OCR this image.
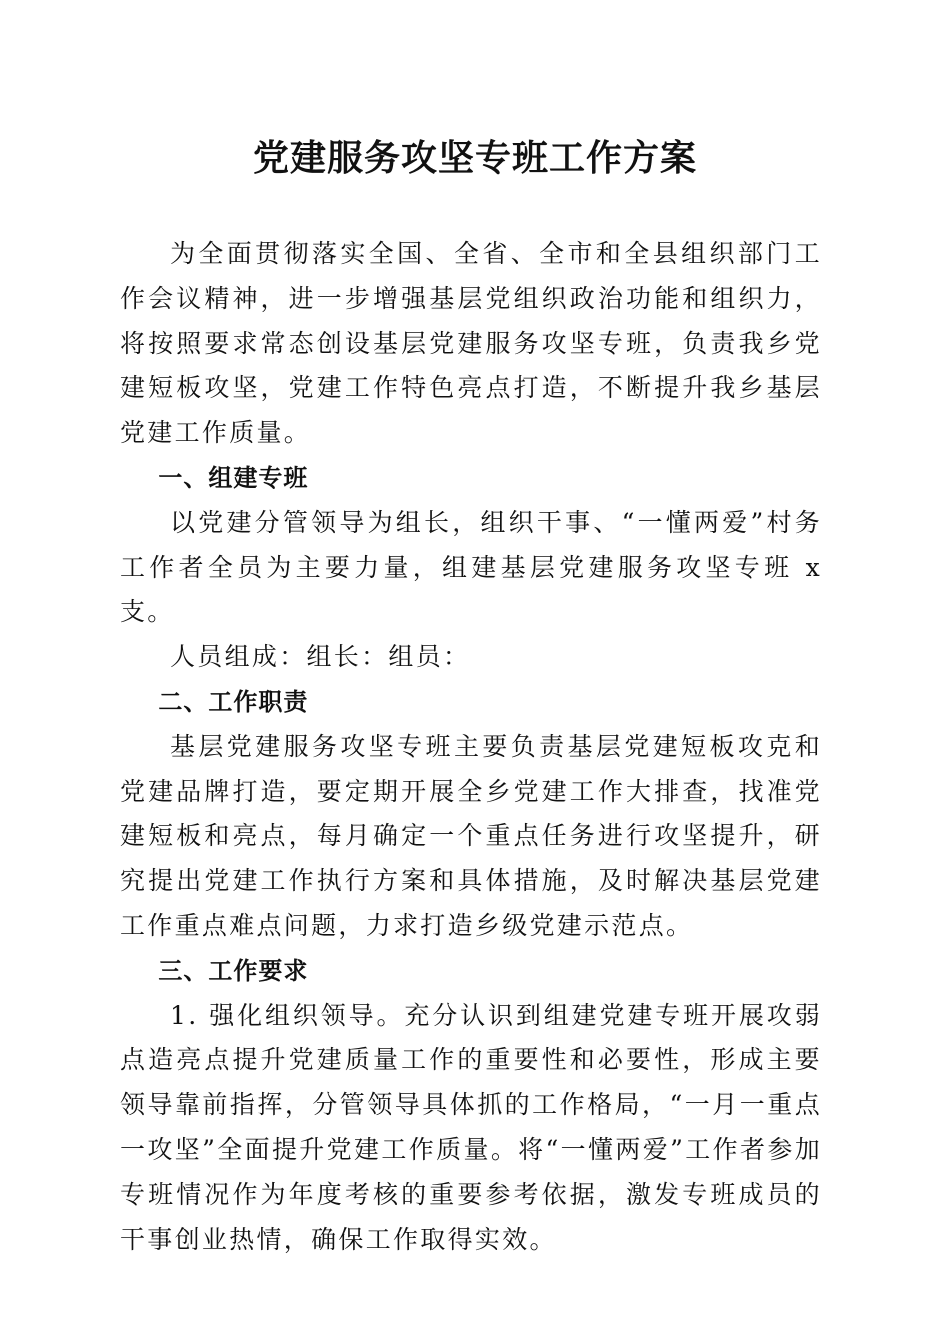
党建服务攻坚专班工作方案

为全面贯彻落实全国、全省、全市和全县组织部门工作会议精神，进一步增强基层党组织政治功能和组织力，将按照要求常态创设基层党建服务攻坚专班，负责我乡党建短板攻坚，党建工作特色亮点打造，不断提升我乡基层党建工作质量。

一、组建专班

以党建分管领导为组长，组织干事、“一懂两爱”村务工作者全员为主要力量，组建基层党建服务攻坚专班 x 支。

人员组成：组长：组员：

二、工作职责

基层党建服务攻坚专班主要负责基层党建短板攻克和党建品牌打造，要定期开展全乡党建工作大排查，找准党建短板和亮点，每月确定一个重点任务进行攻坚提升，研究提出党建工作执行方案和具体措施，及时解决基层党建工作重点难点问题，力求打造乡级党建示范点。

三、工作要求

1. 强化组织领导。充分认识到组建党建专班开展攻弱点造亮点提升党建质量工作的重要性和必要性，形成主要领导靠前指挥，分管领导具体抓的工作格局，“一月一重点一攻坚”全面提升党建工作质量。将“一懂两爱”工作者参加专班情况作为年度考核的重要参考依据，激发专班成员的干事创业热情，确保工作取得实效。
